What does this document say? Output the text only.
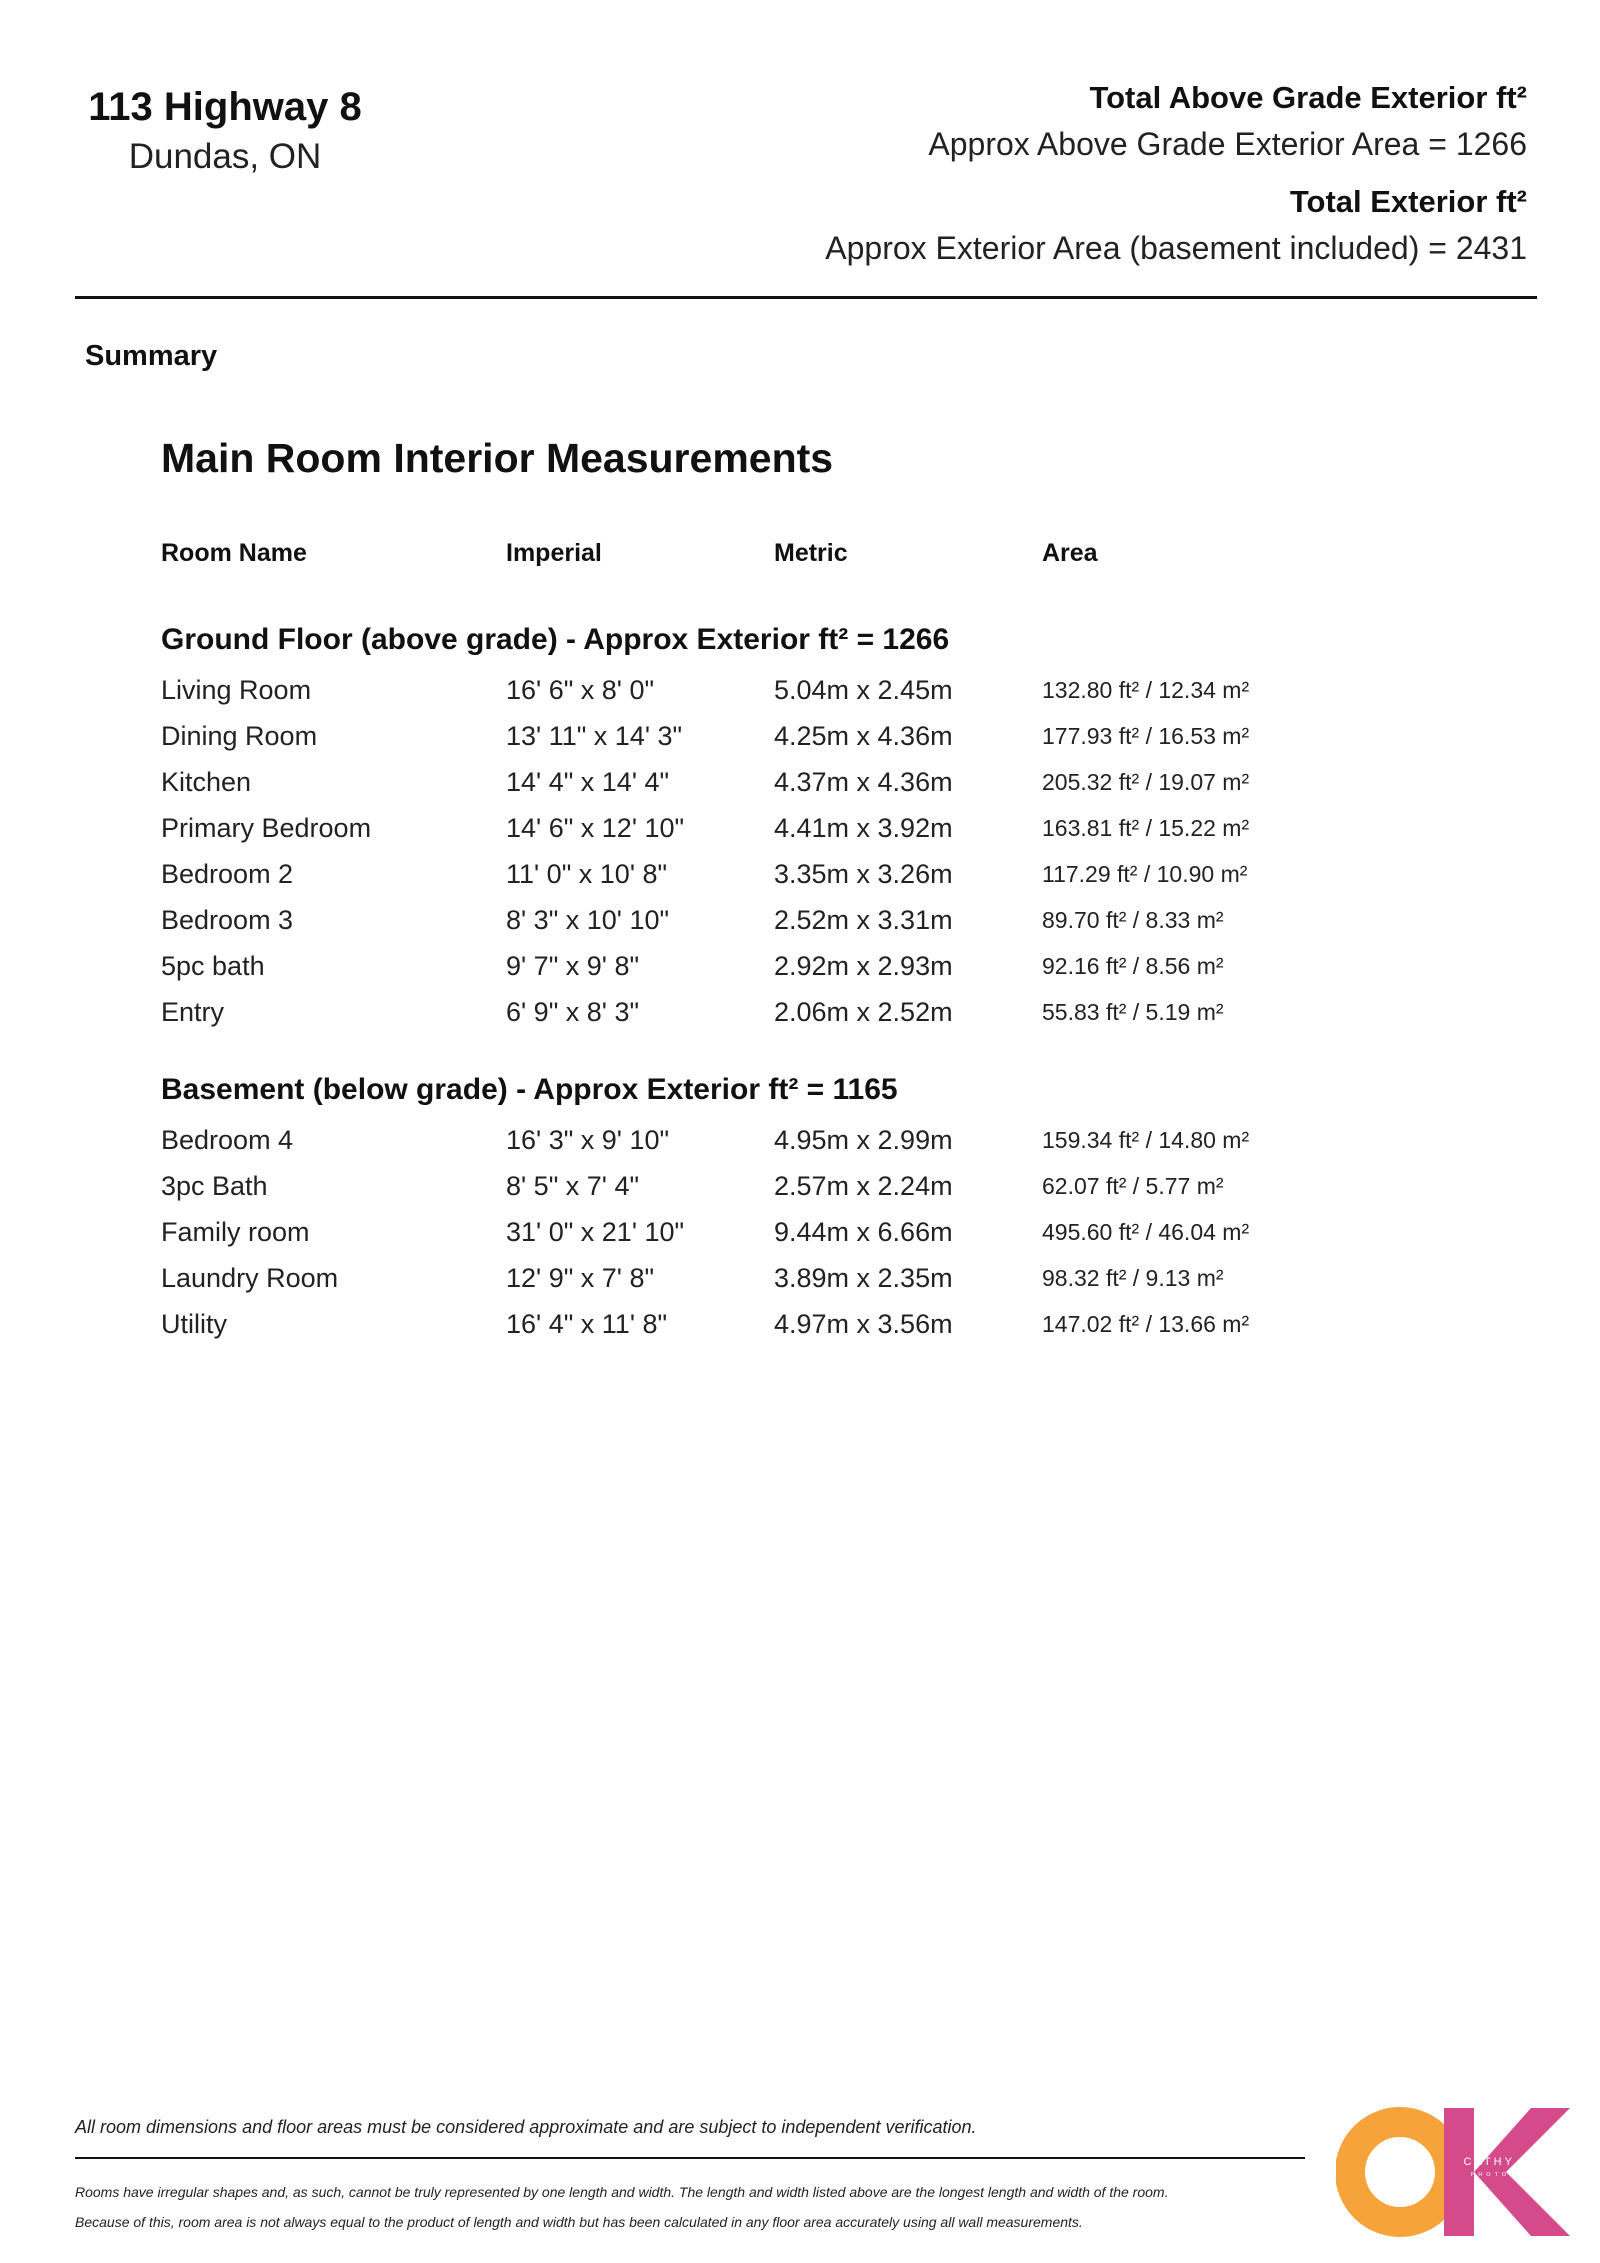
113 Highway 8
Dundas, ON
Total Above Grade Exterior ft²
Approx Above Grade Exterior Area = 1266
Total Exterior ft²
Approx Exterior Area (basement included) = 2431
Summary
Main Room Interior Measurements
Room Name	Imperial	Metric	Area
Ground Floor (above grade) - Approx Exterior ft² = 1266
Living Room	16' 6" x 8' 0"	5.04m x 2.45m	132.80 ft² / 12.34 m²
Dining Room	13' 11" x 14' 3"	4.25m x 4.36m	177.93 ft² / 16.53 m²
Kitchen	14' 4" x 14' 4"	4.37m x 4.36m	205.32 ft² / 19.07 m²
Primary Bedroom	14' 6" x 12' 10"	4.41m x 3.92m	163.81 ft² / 15.22 m²
Bedroom 2	11' 0" x 10' 8"	3.35m x 3.26m	117.29 ft² / 10.90 m²
Bedroom 3	8' 3" x 10' 10"	2.52m x 3.31m	89.70 ft² / 8.33 m²
5pc bath	9' 7" x 9' 8"	2.92m x 2.93m	92.16 ft² / 8.56 m²
Entry	6' 9" x 8' 3"	2.06m x 2.52m	55.83 ft² / 5.19 m²
Basement (below grade) - Approx Exterior ft² = 1165
Bedroom 4	16' 3" x 9' 10"	4.95m x 2.99m	159.34 ft² / 14.80 m²
3pc Bath	8' 5" x 7' 4"	2.57m x 2.24m	62.07 ft² / 5.77 m²
Family room	31' 0" x 21' 10"	9.44m x 6.66m	495.60 ft² / 46.04 m²
Laundry Room	12' 9" x 7' 8"	3.89m x 2.35m	98.32 ft² / 9.13 m²
Utility	16' 4" x 11' 8"	4.97m x 3.56m	147.02 ft² / 13.66 m²
All room dimensions and floor areas must be considered approximate and are subject to independent verification.
Rooms have irregular shapes and, as such, cannot be truly represented by one length and width. The length and width listed above are the longest length and width of the room.
Because of this, room area is not always equal to the product of length and width but has been calculated in any floor area accurately using all wall measurements.
CATHY KOOP
PHOTOGRAPHY
